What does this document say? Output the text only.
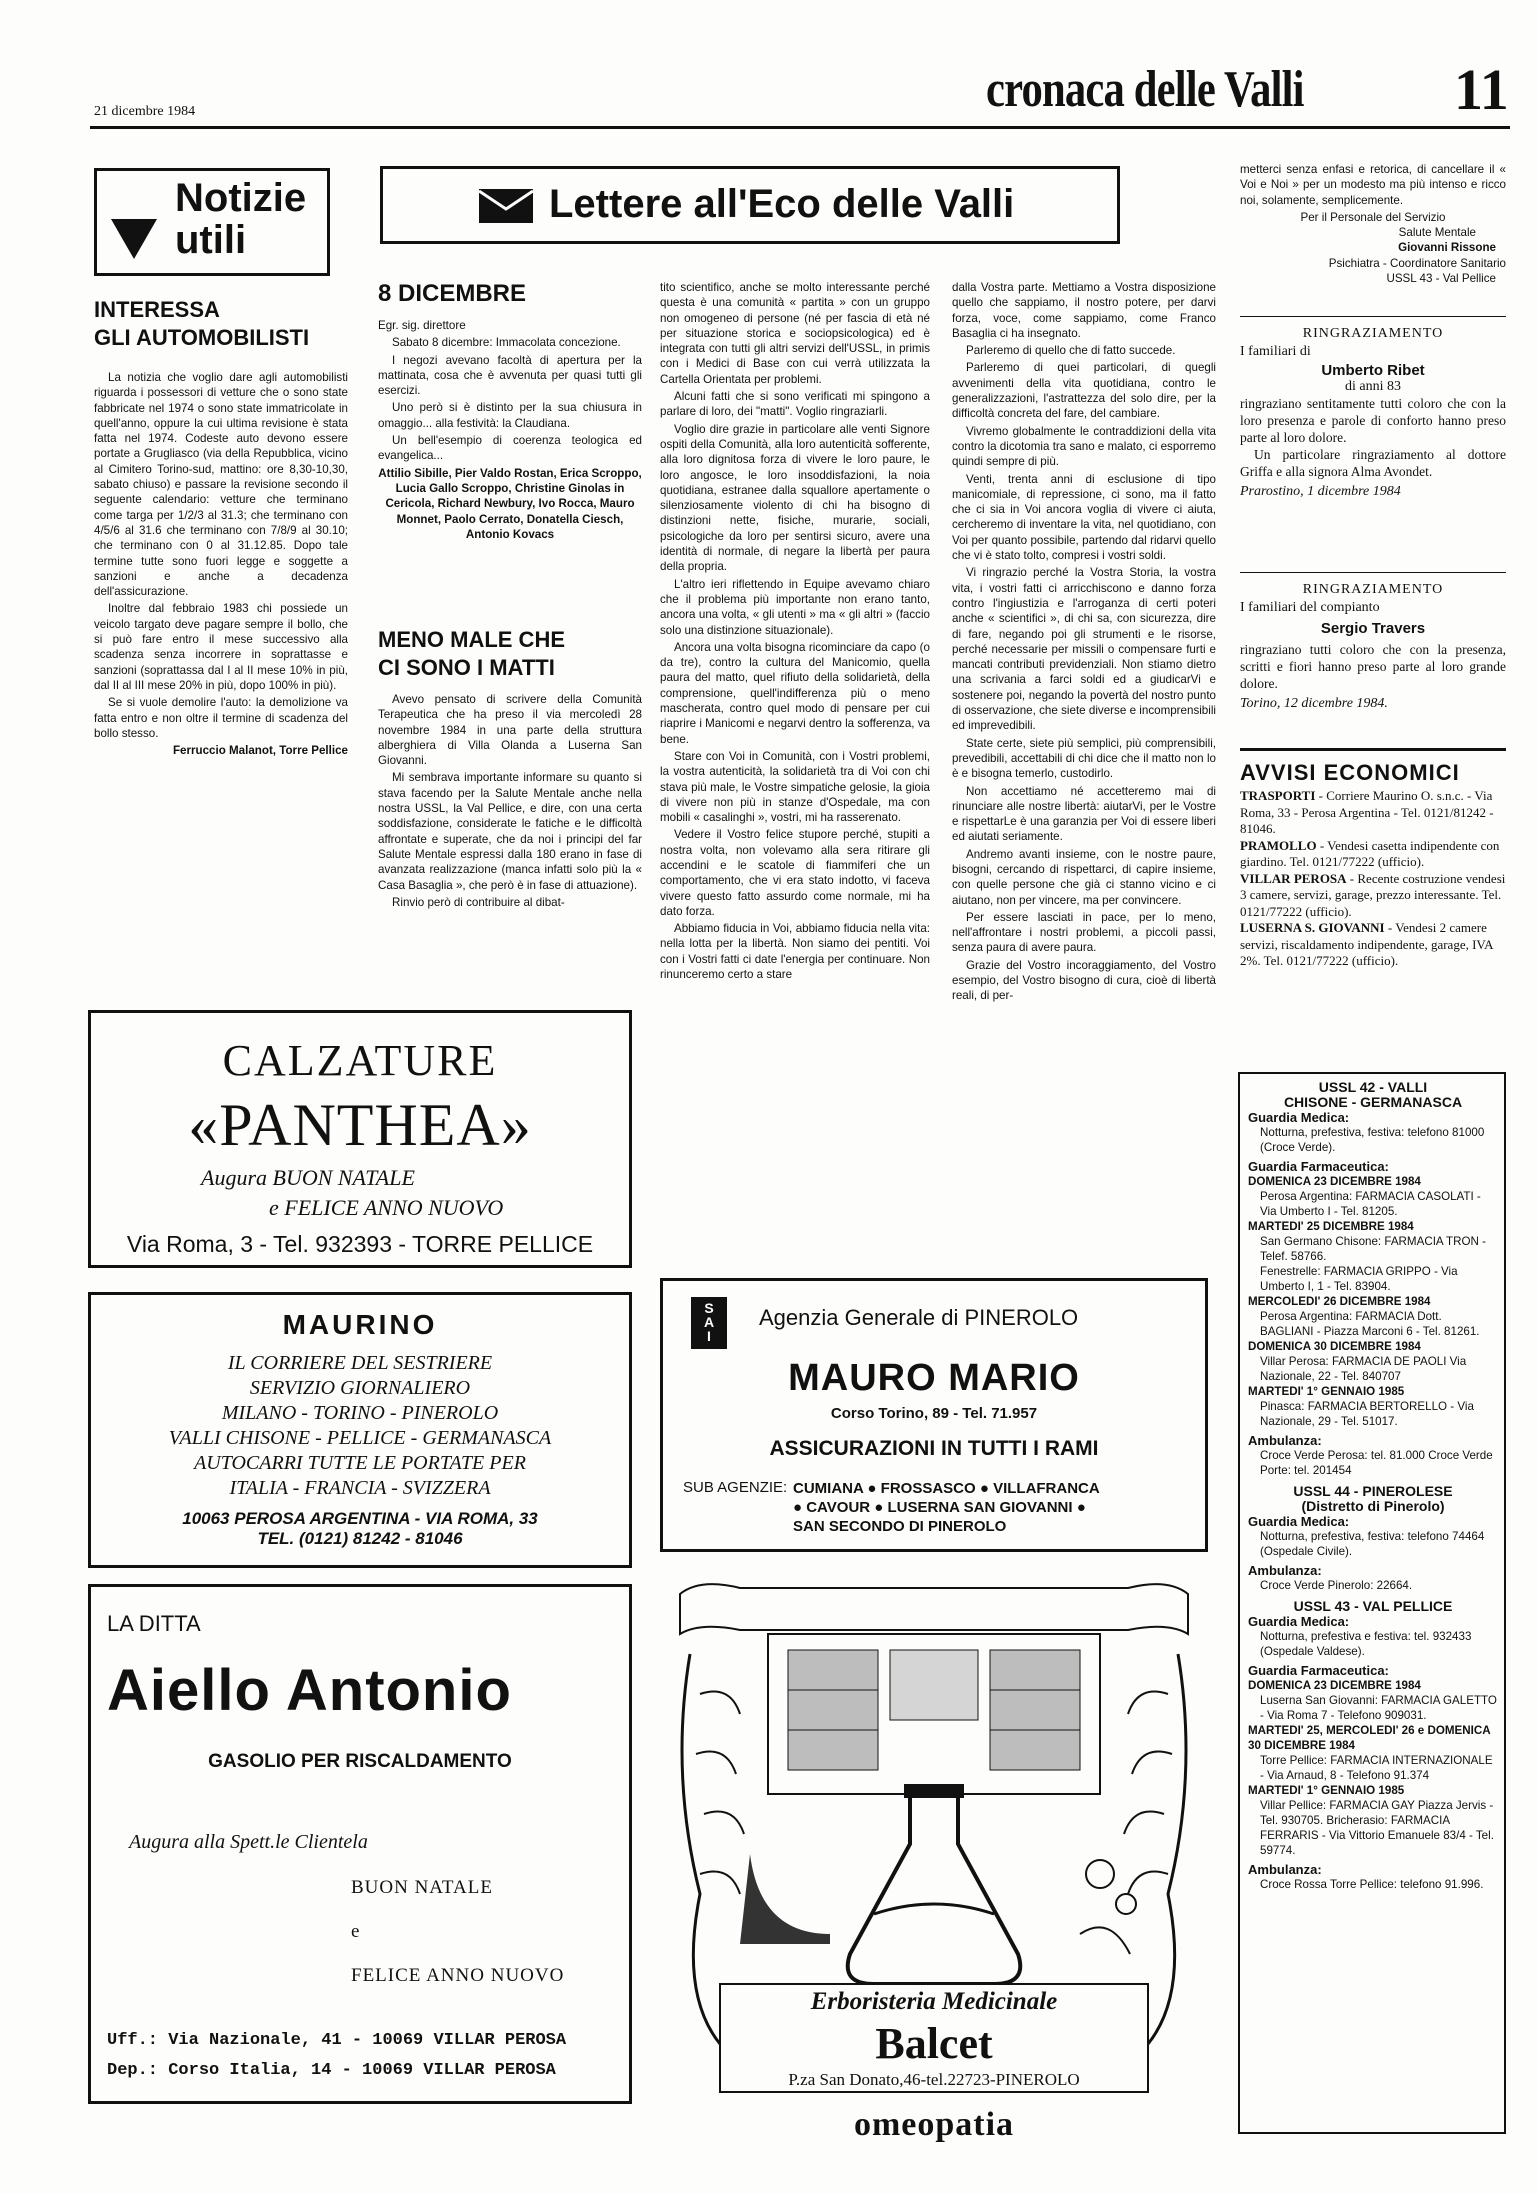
21 dicembre 1984	cronaca delle Valli	11
Notizie
utili
INTERESSA
GLI AUTOMOBILISTI

La notizia che voglio dare agli automobilisti riguarda i possessori di vetture che o sono state fabbricate nel 1974 o sono state immatricolate in quell'anno, oppure la cui ultima revisione è stata fatta nel 1974. Codeste auto devono essere portate a Grugliasco (via della Repubblica, vicino al Cimitero Torino-sud, mattino: ore 8,30-10,30, sabato chiuso) e passare la revisione secondo il seguente calendario: vetture che terminano come targa per 1/2/3 al 31.3; che terminano con 4/5/6 al 31.6 che terminano con 7/8/9 al 30.10; che terminano con 0 al 31.12.85. Dopo tale termine tutte sono fuori legge e soggette a sanzioni e anche a decadenza dell'assicurazione.

Inoltre dal febbraio 1983 chi possiede un veicolo targato deve pagare sempre il bollo, che si può fare entro il mese successivo alla scadenza senza incorrere in soprattasse e sanzioni (soprattassa dal I al II mese 10% in più, dal II al III mese 20% in più, dopo 100% in più).

Se si vuole demolire l'auto: la demolizione va fatta entro e non oltre il termine di scadenza del bollo stesso.

Ferruccio Malanot, Torre Pellice
Lettere all'Eco delle Valli
8 DICEMBRE
Egr. sig. direttore

Sabato 8 dicembre: Immacolata concezione.

I negozi avevano facoltà di apertura per la mattinata, cosa che è avvenuta per quasi tutti gli esercizi.

Uno però si è distinto per la sua chiusura in omaggio... alla festività: la Claudiana.

Un bell'esempio di coerenza teologica ed evangelica...

Attilio Sibille, Pier Valdo Rostan, Erica Scroppo, Lucia Gallo Scroppo, Christine Ginolas in Cericola, Richard Newbury, Ivo Rocca, Mauro Monnet, Paolo Cerrato, Donatella Ciesch, Antonio Kovacs
MENO MALE CHE
CI SONO I MATTI

Avevo pensato di scrivere della Comunità Terapeutica che ha preso il via mercoledì 28 novembre 1984 in una parte della struttura alberghiera di Villa Olanda a Luserna San Giovanni.

Mi sembrava importante informare su quanto si stava facendo per la Salute Mentale anche nella nostra USSL, la Val Pellice, e dire, con una certa soddisfazione, considerate le fatiche e le difficoltà affrontate e superate, che da noi i principi del far Salute Mentale espressi dalla 180 erano in fase di avanzata realizzazione (manca infatti solo più la « Casa Basaglia », che però è in fase di attuazione).

Rinvio però di contribuire al dibat-

tito scientifico, anche se molto interessante perché questa è una comunità « partita » con un gruppo non omogeneo di persone (né per fascia di età né per situazione storica e sociopsicologica) ed è integrata con tutti gli altri servizi dell'USSL, in primis con i Medici di Base con cui verrà utilizzata la Cartella Orientata per problemi.

Alcuni fatti che si sono verificati mi spingono a parlare di loro, dei "matti". Voglio ringraziarli.

Voglio dire grazie in particolare alle venti Signore ospiti della Comunità, alla loro autenticità sofferente, alla loro dignitosa forza di vivere le loro paure, le loro angosce, le loro insoddisfazioni, la noia quotidiana, estranee dalla squallore apertamente o silenziosamente violento di chi ha bisogno di distinzioni nette, fisiche, murarie, sociali, psicologiche da loro per sentirsi sicuro, avere una identità di normale, di negare la libertà per paura della propria.

L'altro ieri riflettendo in Equipe avevamo chiaro che il problema più importante non erano tanto, ancora una volta, « gli utenti » ma « gli altri » (faccio solo una distinzione situazionale).

Ancora una volta bisogna ricominciare da capo (o da tre), contro la cultura del Manicomio, quella paura del matto, quel rifiuto della solidarietà, della comprensione, quell'indifferenza più o meno mascherata, contro quel modo di pensare per cui riaprire i Manicomi e negarvi dentro la sofferenza, va bene.

Stare con Voi in Comunità, con i Vostri problemi, la vostra autenticità, la solidarietà tra di Voi con chi stava più male, le Vostre simpatiche gelosie, la gioia di vivere non più in stanze d'Ospedale, ma con mobili « casalinghi », vostri, mi ha rasserenato.

Vedere il Vostro felice stupore perché, stupiti a nostra volta, non volevamo alla sera ritirare gli accendini e le scatole di fiammiferi che un comportamento, che vi era stato indotto, vi faceva vivere questo fatto assurdo come normale, mi ha dato forza.

Abbiamo fiducia in Voi, abbiamo fiducia nella vita: nella lotta per la libertà. Non siamo dei pentiti. Voi con i Vostri fatti ci date l'energia per continuare. Non rinunceremo certo a stare

dalla Vostra parte. Mettiamo a Vostra disposizione quello che sappiamo, il nostro potere, per darvi forza, voce, come sappiamo, come Franco Basaglia ci ha insegnato.

Parleremo di quello che di fatto succede.

Parleremo di quei particolari, di quegli avvenimenti della vita quotidiana, contro le generalizzazioni, l'astrattezza del solo dire, per la difficoltà concreta del fare, del cambiare.

Vivremo globalmente le contraddizioni della vita contro la dicotomia tra sano e malato, ci esporremo quindi sempre di più.

Venti, trenta anni di esclusione di tipo manicomiale, di repressione, ci sono, ma il fatto che ci sia in Voi ancora voglia di vivere ci aiuta, cercheremo di inventare la vita, nel quotidiano, con Voi per quanto possibile, partendo dal ridarvi quello che vi è stato tolto, compresi i vostri soldi.

Vi ringrazio perché la Vostra Storia, la vostra vita, i vostri fatti ci arricchiscono e danno forza contro l'ingiustizia e l'arroganza di certi poteri anche « scientifici », di chi sa, con sicurezza, dire di fare, negando poi gli strumenti e le risorse, perché necessarie per missili o compensare furti e mancati contributi previdenziali. Non stiamo dietro una scrivania a farci soldi ed a giudicarVi e sostenere poi, negando la povertà del nostro punto di osservazione, che siete diverse e incomprensibili ed imprevedibili.

State certe, siete più semplici, più comprensibili, prevedibili, accettabili di chi dice che il matto non lo è e bisogna temerlo, custodirlo.

Non accettiamo né accetteremo mai di rinunciare alle nostre libertà: aiutarVi, per le Vostre e rispettarLe è una garanzia per Voi di essere liberi ed aiutati seriamente.

Andremo avanti insieme, con le nostre paure, bisogni, cercando di rispettarci, di capire insieme, con quelle persone che già ci stanno vicino e ci aiutano, non per vincere, ma per convincere.

Per essere lasciati in pace, per lo meno, nell'affrontare i nostri problemi, a piccoli passi, senza paura di avere paura.

Grazie del Vostro incoraggiamento, del Vostro esempio, del Vostro bisogno di cura, cioè di libertà reali, di per-

metterci senza enfasi e retorica, di cancellare il « Voi e Noi » per un modesto ma più intenso e ricco noi, solamente, semplicemente.
Per il Personale del Servizio
Salute Mentale
Giovanni Rissone
Psichiatra - Coordinatore Sanitario
USSL 43 - Val Pellice
RINGRAZIAMENTO
I familiari di
Umberto Ribet
di anni 83
ringraziano sentitamente tutti coloro che con la loro presenza e parole di conforto hanno preso parte al loro dolore.
Un particolare ringraziamento al dottore Griffa e alla signora Alma Avondet.
Prarostino, 1 dicembre 1984
RINGRAZIAMENTO
I familiari del compianto
Sergio Travers
ringraziano tutti coloro che con la presenza, scritti e fiori hanno preso parte al loro grande dolore.
Torino, 12 dicembre 1984.
AVVISI ECONOMICI
TRASPORTI - Corriere Maurino O. s.n.c. - Via Roma, 33 - Perosa Argentina - Tel. 0121/81242 - 81046.
PRAMOLLO - Vendesi casetta indipendente con giardino. Tel. 0121/77222 (ufficio).
VILLAR PEROSA - Recente costruzione vendesi 3 camere, servizi, garage, prezzo interessante. Tel. 0121/77222 (ufficio).
LUSERNA S. GIOVANNI - Vendesi 2 camere servizi, riscaldamento indipendente, garage, IVA 2%. Tel. 0121/77222 (ufficio).
USSL 42 - VALLI
CHISONE - GERMANASCA
Guardia Medica:
Notturna, prefestiva, festiva: telefono 81000 (Croce Verde).
Guardia Farmaceutica:
DOMENICA 23 DICEMBRE 1984
Perosa Argentina: FARMACIA CASOLATI - Via Umberto I - Tel. 81205.
MARTEDI' 25 DICEMBRE 1984
San Germano Chisone: FARMACIA TRON - Telef. 58766.
Fenestrelle: FARMACIA GRIPPO - Via Umberto I, 1 - Tel. 83904.
MERCOLEDI' 26 DICEMBRE 1984
Perosa Argentina: FARMACIA Dott. BAGLIANI - Piazza Marconi 6 - Tel. 81261.
DOMENICA 30 DICEMBRE 1984
Villar Perosa: FARMACIA DE PAOLI Via Nazionale, 22 - Tel. 840707
MARTEDI' 1° GENNAIO 1985
Pinasca: FARMACIA BERTORELLO - Via Nazionale, 29 - Tel. 51017.
Ambulanza:
Croce Verde Perosa: tel. 81.000 Croce Verde Porte: tel. 201454
USSL 44 - PINEROLESE
(Distretto di Pinerolo)
Guardia Medica:
Notturna, prefestiva, festiva: telefono 74464 (Ospedale Civile).
Ambulanza:
Croce Verde Pinerolo: 22664.
USSL 43 - VAL PELLICE
Guardia Medica:
Notturna, prefestiva e festiva: tel. 932433 (Ospedale Valdese).
Guardia Farmaceutica:
DOMENICA 23 DICEMBRE 1984
Luserna San Giovanni: FARMACIA GALETTO - Via Roma 7 - Telefono 909031.
MARTEDI' 25, MERCOLEDI' 26 e DOMENICA 30 DICEMBRE 1984
Torre Pellice: FARMACIA INTERNAZIONALE - Via Arnaud, 8 - Telefono 91.374
MARTEDI' 1° GENNAIO 1985
Villar Pellice: FARMACIA GAY Piazza Jervis - Tel. 930705. Bricherasio: FARMACIA FERRARIS - Via Vittorio Emanuele 83/4 - Tel. 59774.
Ambulanza:
Croce Rossa Torre Pellice: telefono 91.996.
CALZATURE
«PANTHEA»
Augura BUON NATALE
e FELICE ANNO NUOVO
Via Roma, 3 - Tel. 932393 - TORRE PELLICE
MAURINO
IL CORRIERE DEL SESTRIERE
SERVIZIO GIORNALIERO
MILANO - TORINO - PINEROLO
VALLI CHISONE - PELLICE - GERMANASCA
AUTOCARRI TUTTE LE PORTATE PER
ITALIA - FRANCIA - SVIZZERA
10063 PEROSA ARGENTINA - VIA ROMA, 33
TEL. (0121) 81242 - 81046
LA DITTA
Aiello Antonio
GASOLIO PER RISCALDAMENTO
Augura alla Spett.le Clientela
BUON NATALE
e
FELICE ANNO NUOVO
Uff.: Via Nazionale, 41 - 10069 VILLAR PEROSA
Dep.: Corso Italia, 14 - 10069 VILLAR PEROSA
SAI Agenzia Generale di PINEROLO
MAURO MARIO
Corso Torino, 89 - Tel. 71.957
ASSICURAZIONI IN TUTTI I RAMI
SUB AGENZIE: CUMIANA ● FROSSASCO ● VILLAFRANCA
● CAVOUR ● LUSERNA SAN GIOVANNI ●
SAN SECONDO DI PINEROLO
Erboristeria Medicinale
Balcet
P.za San Donato,46-tel.22723-PINEROLO
omeopatia
